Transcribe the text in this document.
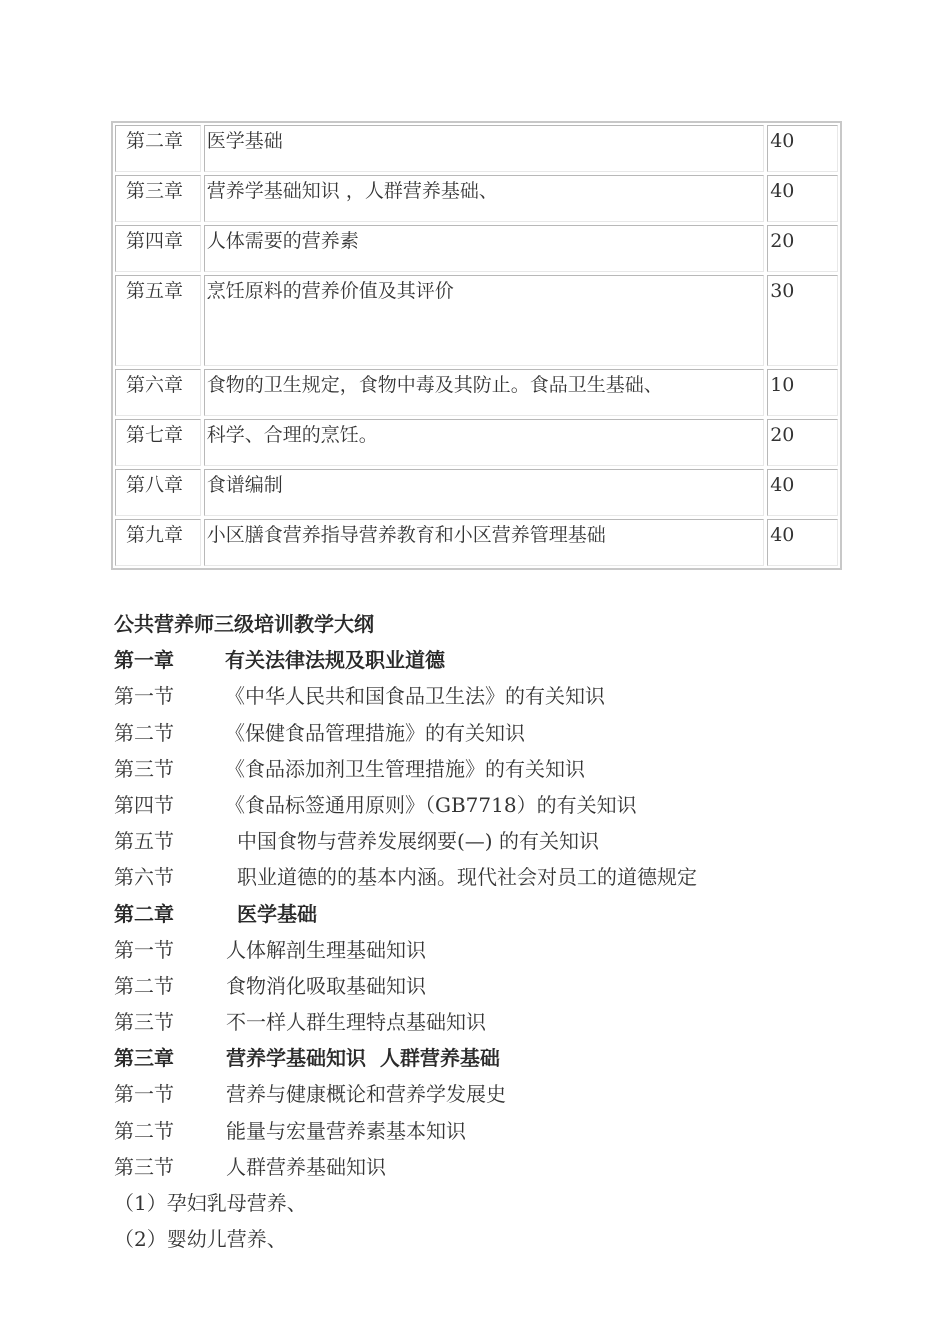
第二章	医学基础	40
第三章	营养学基础知识 ，人群营养基础、	40
第四章	人体需要的营养素	20
第五章	烹饪原料的营养价值及其评价	30
第六章	食物的卫生规定，食物中毒及其防止。食品卫生基础、	10
第七章	科学、合理的烹饪。	20
第八章	食谱编制	40
第九章	小区膳食营养指导营养教育和小区营养管理基础	40
公共营养师三级培训教学大纲
第一章	有关法律法规及职业道德
第一节	《中华人民共和国食品卫生法》的有关知识
第二节	《保健食品管理措施》的有关知识
第三节	《食品添加剂卫生管理措施》的有关知识
第四节	《食品标签通用原则》（GB7718）的有关知识
第五节	中国食物与营养发展纲要(—) 的有关知识
第六节	职业道德的的基本内涵。现代社会对员工的道德规定
第二章	医学基础
第一节	人体解剖生理基础知识
第二节	食物消化吸取基础知识
第三节	不一样人群生理特点基础知识
第三章	营养学基础知识  人群营养基础
第一节	营养与健康概论和营养学发展史
第二节	能量与宏量营养素基本知识
第三节	人群营养基础知识
（1）孕妇乳母营养、
（2）婴幼儿营养、
